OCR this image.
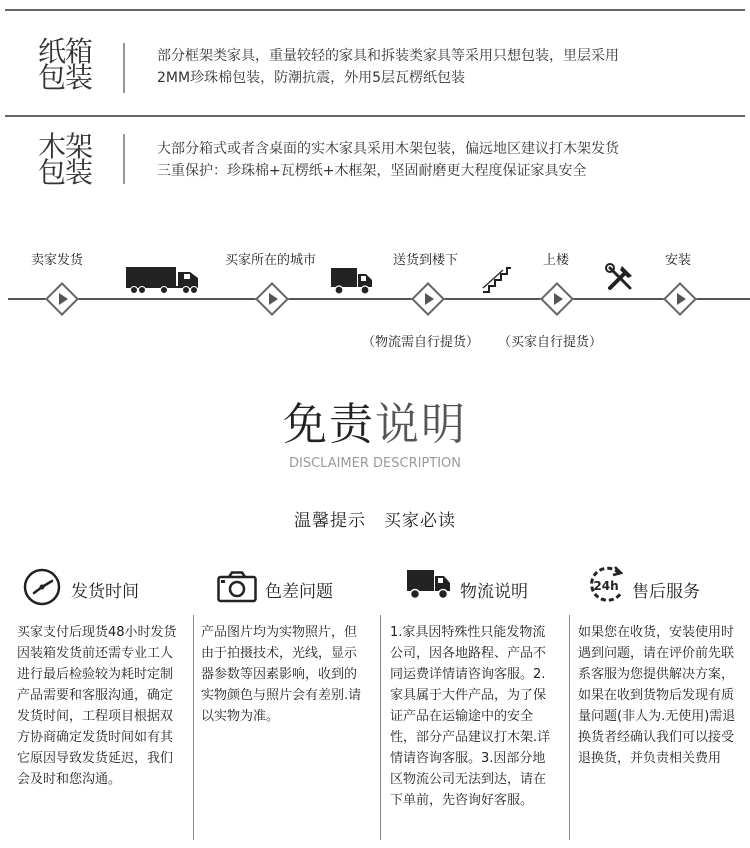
纸箱
包装
部分框架类家具，重量较轻的家具和拆装类家具等采用只想包装，里层采用
2MM珍珠棉包装，防潮抗震，外用5层瓦楞纸包装
木架
包装
大部分箱式或者含桌面的实木家具采用木架包装，偏远地区建议打木架发货
三重保护：珍珠棉+瓦楞纸+木框架，坚固耐磨更大程度保证家具安全
卖家发货	买家所在的城市	送货到楼下	上楼	安装
（物流需自行提货） （买家自行提货）
免责说明
DISCLAIMER DESCRIPTION
温馨提示　买家必读
发货时间	色差问题	物流说明	24h 售后服务
买家支付后现货48小时发货因装箱发货前还需专业工人进行最后检验较为耗时定制产品需要和客服沟通，确定发货时间，工程项目根据双方协商确定发货时间如有其它原因导致发货延迟，我们会及时和您沟通。
产品图片均为实物照片，但由于拍摄技术，光线，显示器参数等因素影响，收到的实物颜色与照片会有差别.请以实物为准。
1.家具因特殊性只能发物流公司，因各地路程、产品不同运费详情请咨询客服。2.家具属于大件产品，为了保证产品在运输途中的安全性，部分产品建议打木架.详情请咨询客服。3.因部分地区物流公司无法到达，请在下单前，先咨询好客服。
如果您在收货，安装使用时遇到问题，请在评价前先联系客服为您提供解决方案，如果在收到货物后发现有质量问题(非人为.无使用)需退换货者经确认我们可以接受退换货，并负责相关费用
